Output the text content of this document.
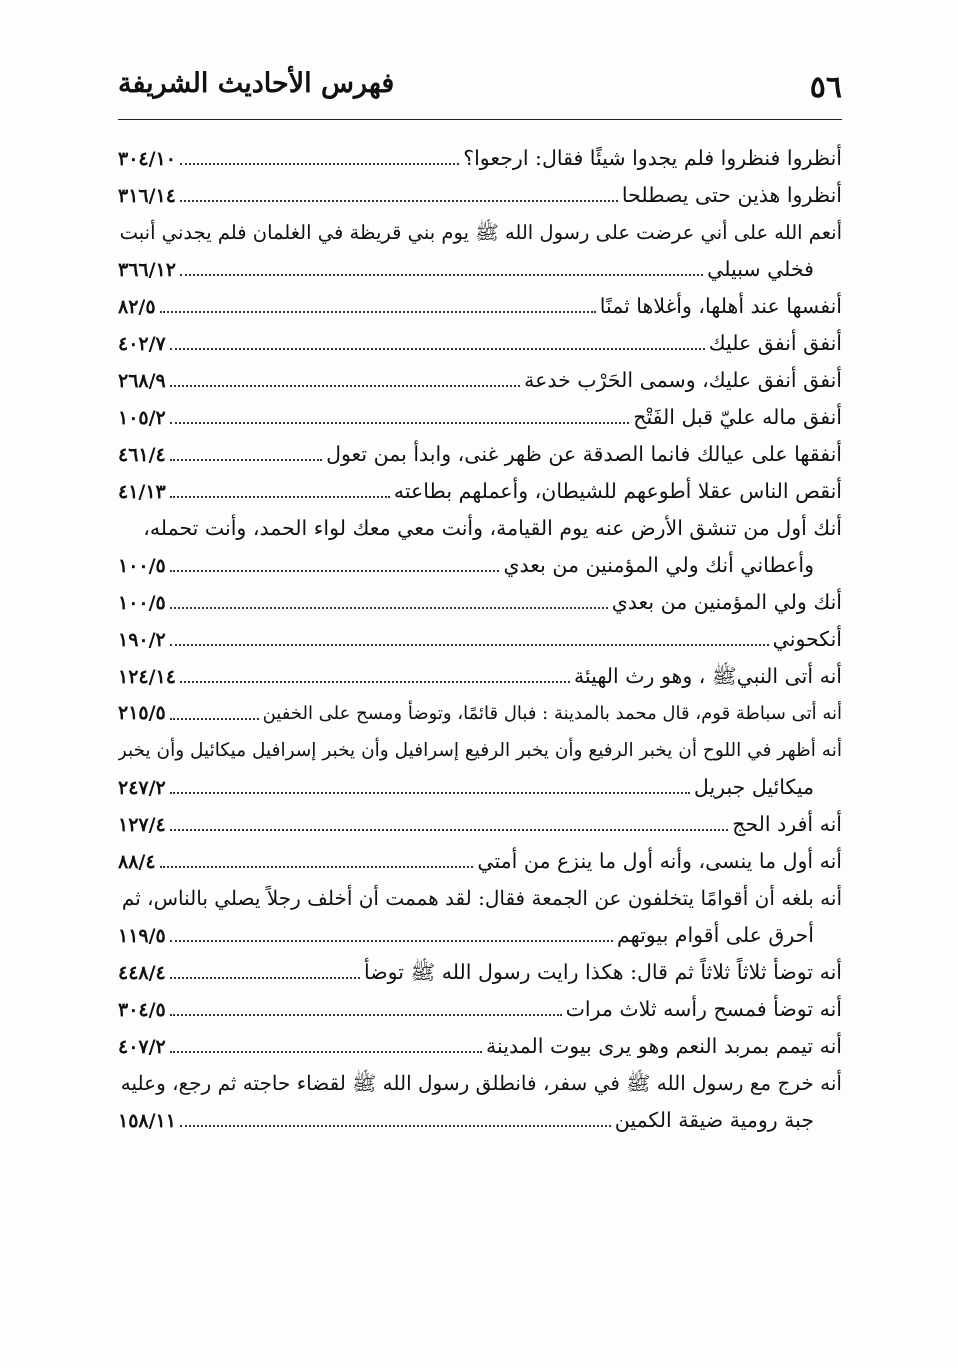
٥٦
فهرس الأحاديث الشريفة
أنظروا فنظروا فلم يجدوا شيئًا فقال: ارجعوا؟
٣٠٤/١٠
أنظروا هذين حتى يصطلحا
٣١٦/١٤
أنعم الله على أني عرضت على رسول الله ﷺ يوم بني قريظة في الغلمان فلم يجدني أنبت
فخلي سبيلي
٣٦٦/١٢
أنفسها عند أهلها، وأغلاها ثمنًا
٨٢/٥
أنفق أنفق عليك
٤٠٢/٧
أنفق أنفق عليك، وسمى الحَرْب خدعة
٢٦٨/٩
أنفق ماله عليّ قبل الفَتْح
١٠٥/٢
أنفقها على عيالك فانما الصدقة عن ظهر غنى، وابدأ بمن تعول
٤٦١/٤
أنقص الناس عقلا أطوعهم للشيطان، وأعملهم بطاعته
٤١/١٣
أنك أول من تنشق الأرض عنه يوم القيامة، وأنت معي معك لواء الحمد، وأنت تحمله،
وأعطاني أنك ولي المؤمنين من بعدي
١٠٠/٥
أنك ولي المؤمنين من بعدي
١٠٠/٥
أنكحوني
١٩٠/٢
أنه أتى النبيﷺ ، وهو رث الهيئة
١٢٤/١٤
أنه أتى سباطة قوم، قال محمد بالمدينة : فبال قائمًا، وتوضأ ومسح على الخفين
٢١٥/٥
أنه أظهر في اللوح أن يخبر الرفيع وأن يخبر الرفيع إسرافيل وأن يخبر إسرافيل ميكائيل وأن يخبر
ميكائيل جبريل
٢٤٧/٢
أنه أفرد الحج
١٢٧/٤
أنه أول ما ينسى، وأنه أول ما ينزع من أمتي
٨٨/٤
أنه بلغه أن أقوامًا يتخلفون عن الجمعة فقال: لقد هممت أن أخلف رجلاً يصلي بالناس، ثم
أحرق على أقوام بيوتهم
١١٩/٥
أنه توضأ ثلاثاً ثلاثاً ثم قال: هكذا رايت رسول الله ﷺ توضأ
٤٤٨/٤
أنه توضأ فمسح رأسه ثلاث مرات
٣٠٤/٥
أنه تيمم بمربد النعم وهو يرى بيوت المدينة
٤٠٧/٢
أنه خرج مع رسول الله ﷺ في سفر، فانطلق رسول الله ﷺ لقضاء حاجته ثم رجع، وعليه
جبة رومية ضيقة الكمين
١٥٨/١١
